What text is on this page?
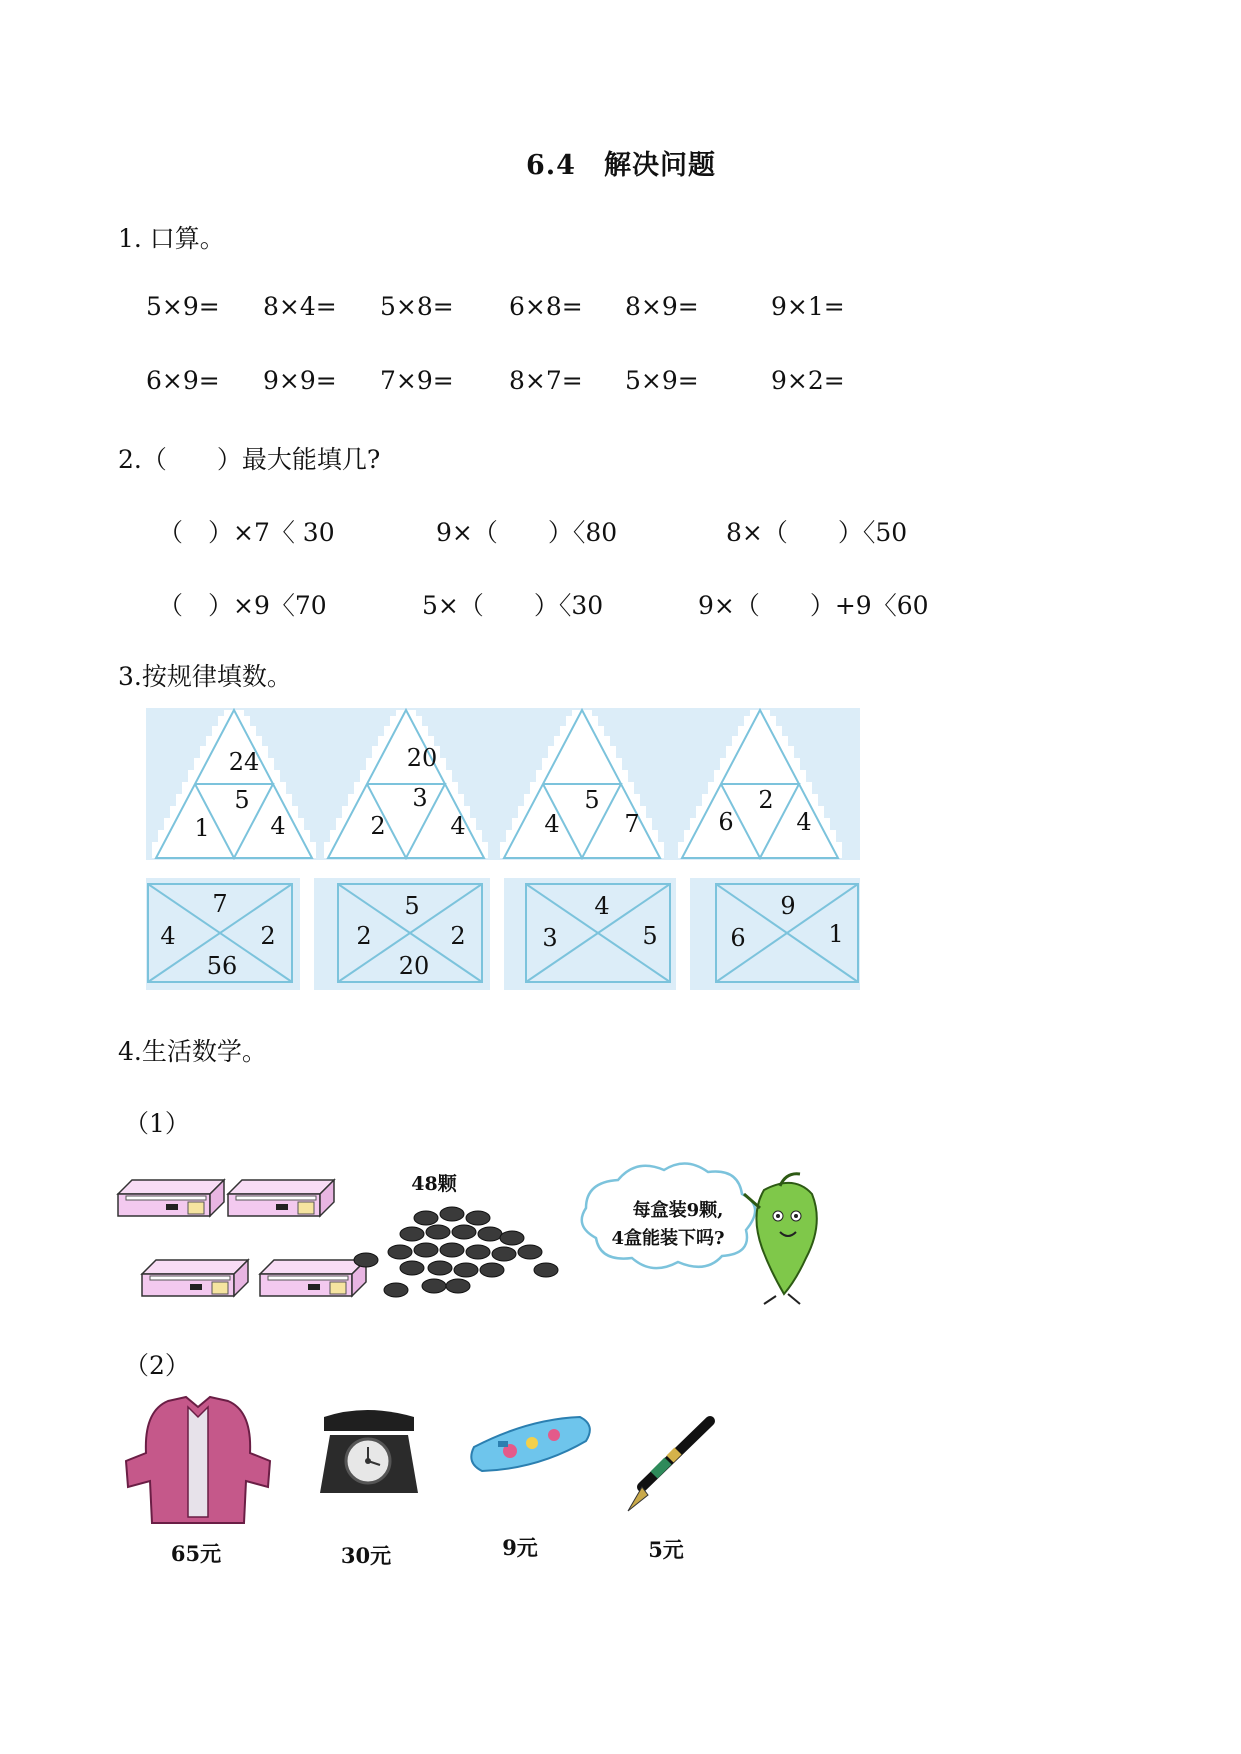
6.4　解决问题
1. 口算。
5×9= 8×4= 5×8= 6×8= 8×9=	9×1=
6×9= 9×9= 7×9= 8×7= 5×9=	9×2=
2.（　　）最大能填几?
（　）×7〈 30	9×（　　）〈80	8×（　　）〈50
（　）×9〈70	5×（　　）〈30	9×（　　）+9〈60
3.按规律填数。
24
5
1	4
20
3
2	4
5
4	7
2
6	4
7
4	2
56
5
2	2
20
4
3	5
9
6	1
4.生活数学。
（1）
48颗
每盒装9颗,
4盒能装下吗?
（2）
65元	30元	9元	5元
